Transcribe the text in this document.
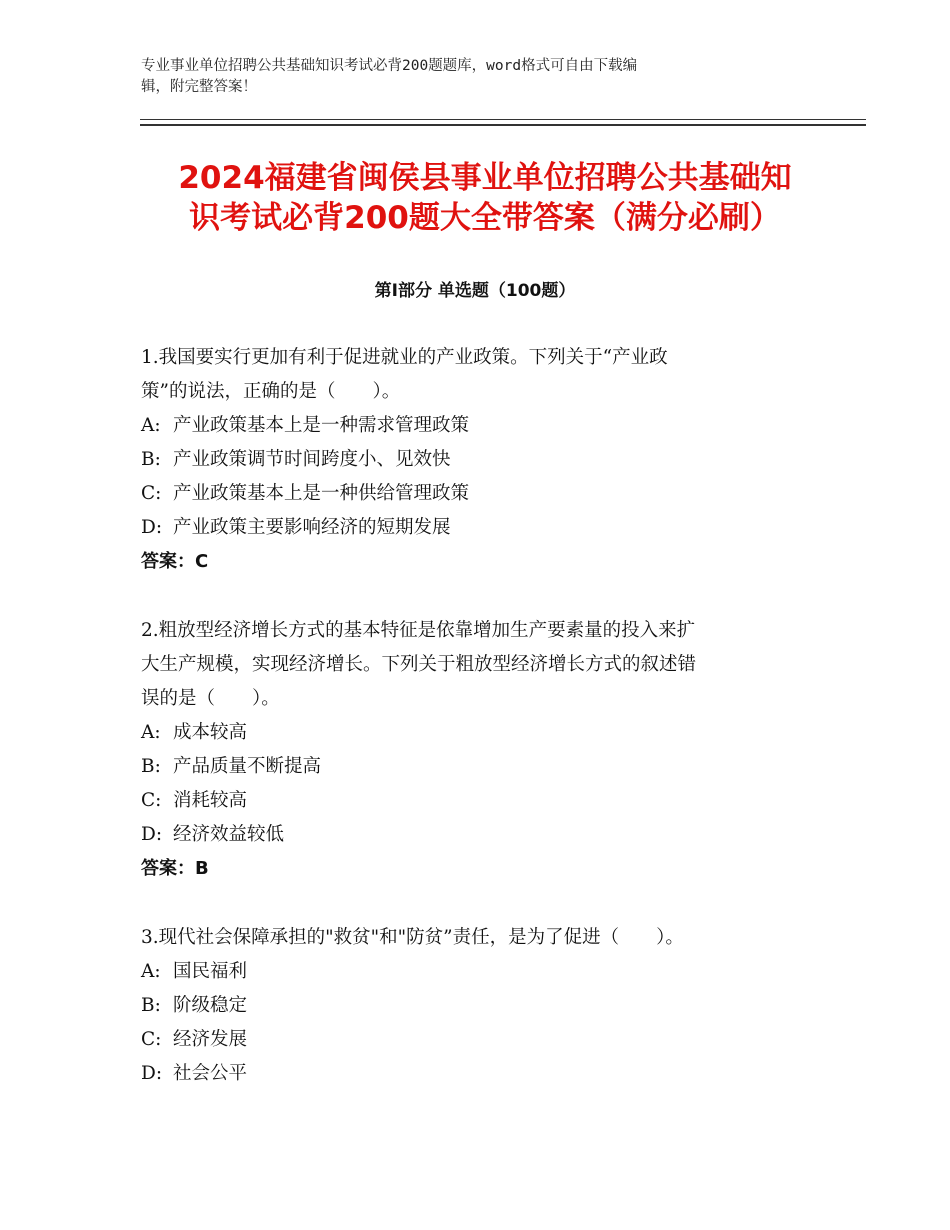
专业事业单位招聘公共基础知识考试必背200题题库，word格式可自由下载编
辑，附完整答案！
2024福建省闽侯县事业单位招聘公共基础知
识考试必背200题大全带答案（满分必刷）
第Ⅰ部分 单选题（100题）
1.我国要实行更加有利于促进就业的产业政策。下列关于“产业政
策”的说法，正确的是（　　）。
A: 产业政策基本上是一种需求管理政策
B: 产业政策调节时间跨度小、见效快
C: 产业政策基本上是一种供给管理政策
D: 产业政策主要影响经济的短期发展
答案：C
2.粗放型经济增长方式的基本特征是依靠增加生产要素量的投入来扩
大生产规模，实现经济增长。下列关于粗放型经济增长方式的叙述错
误的是（　　）。
A: 成本较高
B: 产品质量不断提高
C: 消耗较高
D: 经济效益较低
答案：B
3.现代社会保障承担的"救贫"和"防贫”责任，是为了促进（　　）。
A: 国民福利
B: 阶级稳定
C: 经济发展
D: 社会公平
